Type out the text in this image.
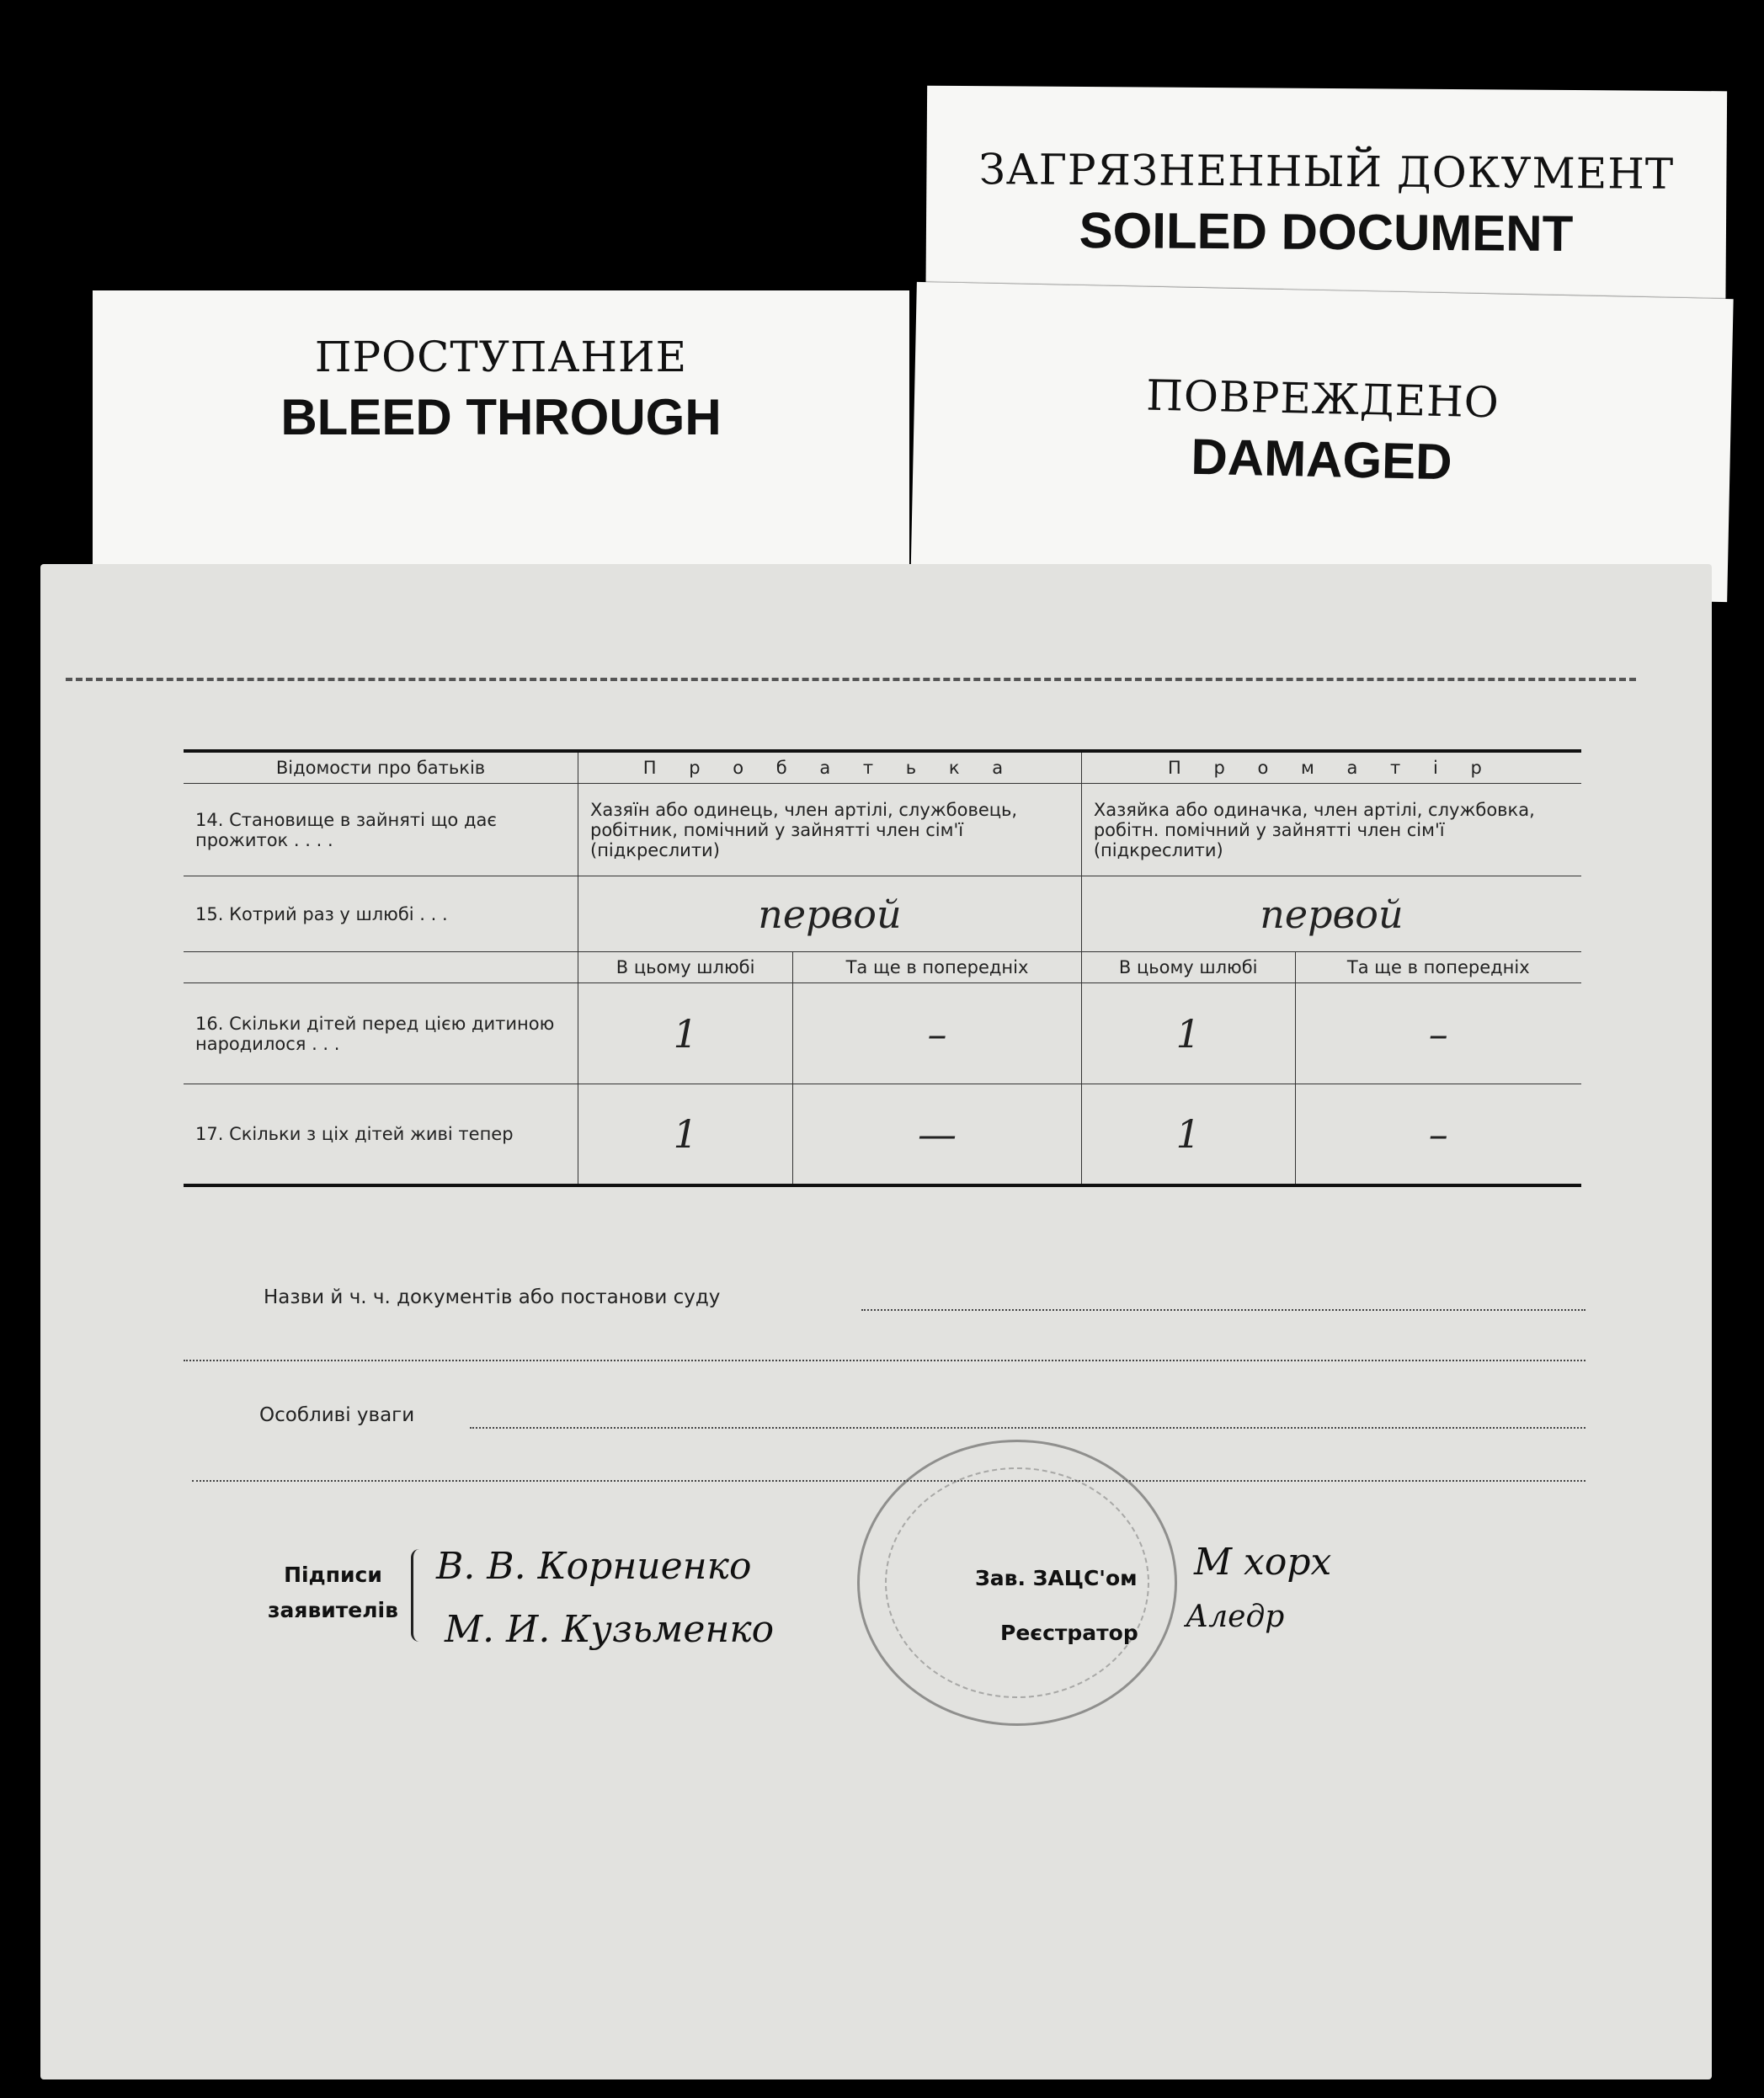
ПРОСТУПАНИЕ
BLEED THROUGH
ЗАГРЯЗНЕННЫЙ ДОКУМЕНТ
SOILED DOCUMENT
ПОВРЕЖДЕНО
DAMAGED
Відомости про батьків	П р о б а т ь к а		П р о м а т і р	
14. Становище в зайняті що дає прожиток . . . .	Хазяїн або одинець, член артілі, службовець, робітник, помічний у зайнятті член сім'ї (підкреслити)		Хазяйка або одиначка, член артілі, службовка, робітн. помічний у зайнятті член сім'ї (підкреслити)	
15. Котрий раз у шлюбі . . .	первой		первой	
	В цьому шлюбі	Та ще в попередніх	В цьому шлюбі	Та ще в попередніх
16. Скільки дітей перед цією дитиною народилося . . .	1	–	1	–
17. Скільки з ціх дітей живі тепер	1	—	1	–
Назви й ч. ч. документів або постанови суду
Особливі уваги
Підписи
заявителів
В. В. Корниенко
М. И. Кузьменко
Зав. ЗАЦС'ом М хорх
Реєстратор Аледр
